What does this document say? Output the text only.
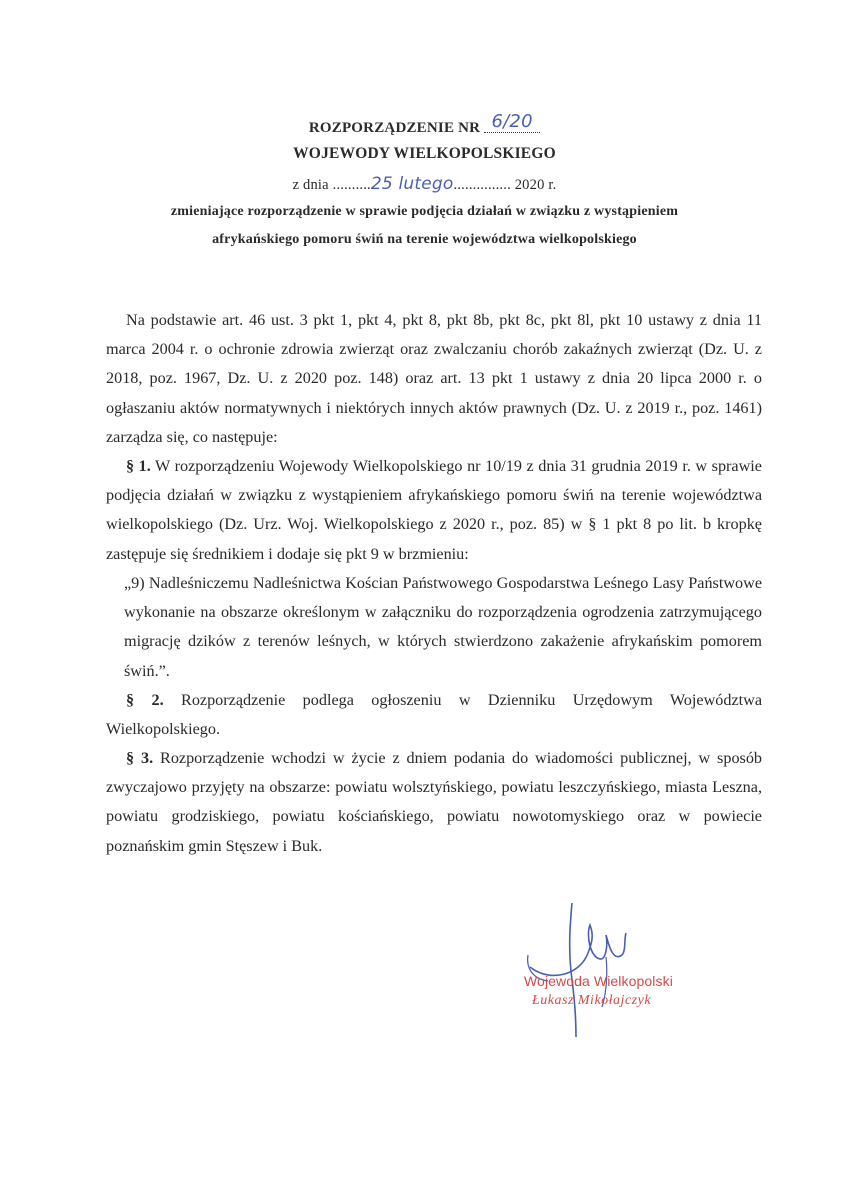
ROZPORZĄDZENIE NR 6/20
WOJEWODY WIELKOPOLSKIEGO
z dnia ..........25 lutego............... 2020 r.
zmieniające rozporządzenie w sprawie podjęcia działań w związku z wystąpieniem
afrykańskiego pomoru świń na terenie województwa wielkopolskiego
Na podstawie art. 46 ust. 3 pkt 1, pkt 4, pkt 8, pkt 8b, pkt 8c, pkt 8l, pkt 10 ustawy z dnia 11 marca 2004 r. o ochronie zdrowia zwierząt oraz zwalczaniu chorób zakaźnych zwierząt (Dz. U. z 2018, poz. 1967, Dz. U. z 2020 poz. 148) oraz art. 13 pkt 1 ustawy z dnia 20 lipca 2000 r. o ogłaszaniu aktów normatywnych i niektórych innych aktów prawnych (Dz. U. z 2019 r., poz. 1461) zarządza się, co następuje:
§ 1. W rozporządzeniu Wojewody Wielkopolskiego nr 10/19 z dnia 31 grudnia 2019 r. w sprawie podjęcia działań w związku z wystąpieniem afrykańskiego pomoru świń na terenie województwa wielkopolskiego (Dz. Urz. Woj. Wielkopolskiego z 2020 r., poz. 85) w § 1 pkt 8 po lit. b kropkę zastępuje się średnikiem i dodaje się pkt 9 w brzmieniu:
„9) Nadleśniczemu Nadleśnictwa Kościan Państwowego Gospodarstwa Leśnego Lasy Państwowe wykonanie na obszarze określonym w załączniku do rozporządzenia ogrodzenia zatrzymującego migrację dzików z terenów leśnych, w których stwierdzono zakażenie afrykańskim pomorem świń.”.
§ 2. Rozporządzenie podlega ogłoszeniu w Dzienniku Urzędowym Województwa Wielkopolskiego.
§ 3. Rozporządzenie wchodzi w życie z dniem podania do wiadomości publicznej, w sposób zwyczajowo przyjęty na obszarze: powiatu wolsztyńskiego, powiatu leszczyńskiego, miasta Leszna, powiatu grodziskiego, powiatu kościańskiego, powiatu nowotomyskiego oraz w powiecie poznańskim gmin Stęszew i Buk.
Wojewoda Wielkopolski
Łukasz Mikołajczyk
